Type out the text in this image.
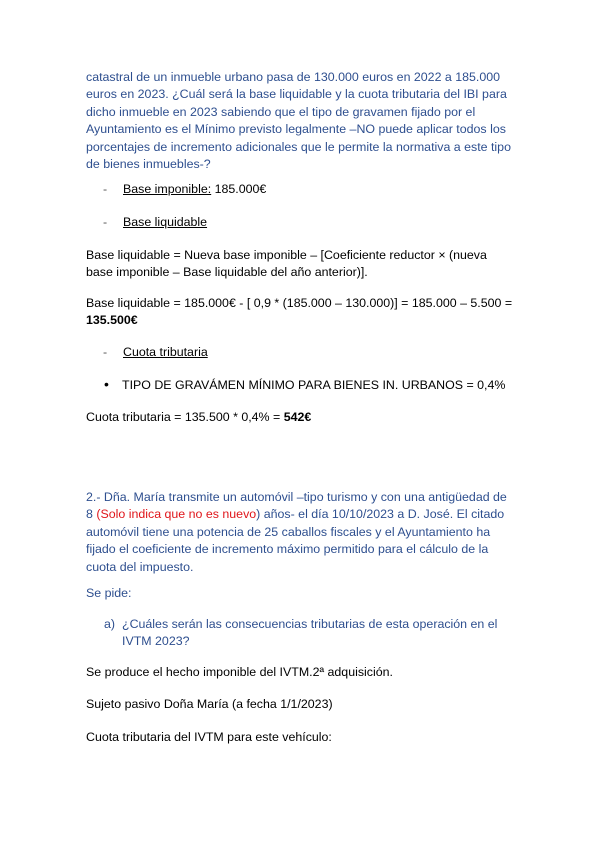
catastral de un inmueble urbano pasa de 130.000 euros en 2022 a 185.000 euros en 2023. ¿Cuál será la base liquidable y la cuota tributaria del IBI para dicho inmueble en 2023 sabiendo que el tipo de gravamen fijado por el Ayuntamiento es el Mínimo previsto legalmente –NO puede aplicar todos los porcentajes de incremento adicionales que le permite la normativa a este tipo de bienes inmuebles-?

- Base imponible: 185.000€
- Base liquidable

Base liquidable = Nueva base imponible – [Coeficiente reductor × (nueva base imponible – Base liquidable del año anterior)].

Base liquidable = 185.000€ - [ 0,9 * (185.000 – 130.000)] = 185.000 – 5.500 = 135.500€

- Cuota tributaria
• TIPO DE GRAVÁMEN MÍNIMO PARA BIENES IN. URBANOS = 0,4%

Cuota tributaria = 135.500 * 0,4% = 542€

2.- Dña. María transmite un automóvil –tipo turismo y con una antigüedad de 8 (Solo indica que no es nuevo) años- el día 10/10/2023 a D. José. El citado automóvil tiene una potencia de 25 caballos fiscales y el Ayuntamiento ha fijado el coeficiente de incremento máximo permitido para el cálculo de la cuota del impuesto.

Se pide:

a) ¿Cuáles serán las consecuencias tributarias de esta operación en el IVTM 2023?

Se produce el hecho imponible del IVTM.2ª adquisición.

Sujeto pasivo Doña María (a fecha 1/1/2023)

Cuota tributaria del IVTM para este vehículo:
